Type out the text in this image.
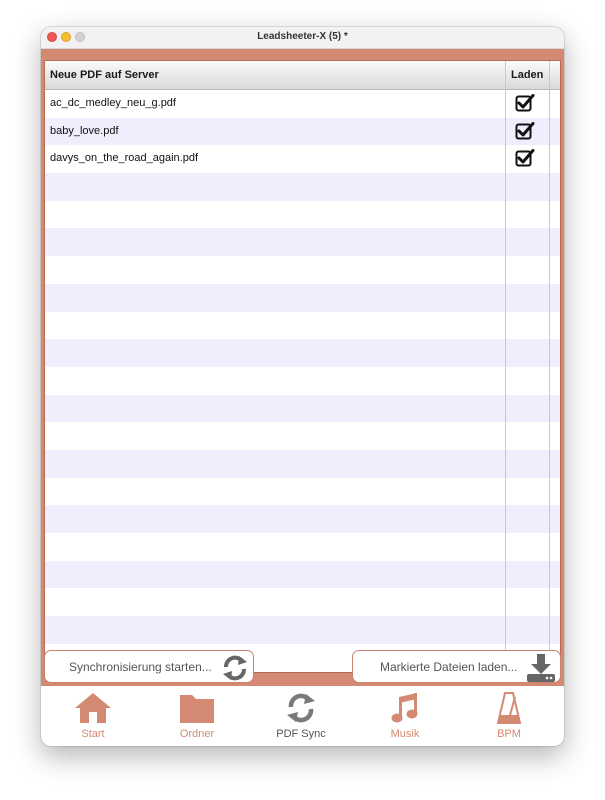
Leadsheeter-X (5) *
Neue PDF auf Server	Laden
ac_dc_medley_neu_g.pdf
baby_love.pdf
davys_on_the_road_again.pdf
Synchronisierung starten...	Markierte Dateien laden...
Start	Ordner	PDF Sync	Musik	BPM
